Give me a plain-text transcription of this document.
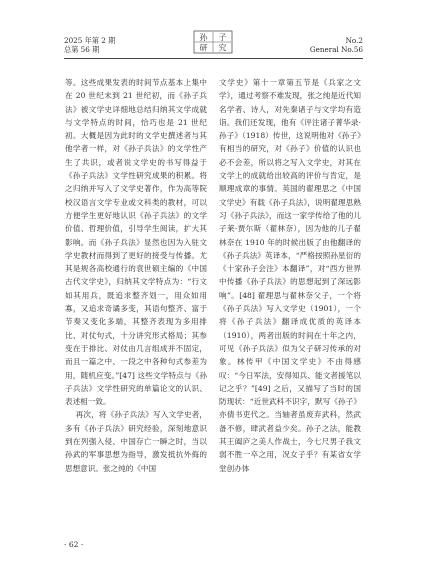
2025 年第 2 期
总第 56 期
孙 子
研 究
No.2
General No.56

等。这些成果发表的时间节点基本上集中在 20 世纪末到 21 世纪初，而《孙子兵法》被文学史详细地总结归纳其文学成就与文学特点的时间，恰巧也是 21 世纪初。大概是因为此时的文学史撰述者与其他学者一样，对《孙子兵法》的文学性产生了共识，或者说文学史的书写得益于《孙子兵法》文学性研究成果的积累。将之归纳并写入了文学史著作，作为高等院校汉语言文学专业或文科类的教材，可以方便学生更好地认识《孙子兵法》的文学价值、哲理价值，引导学生阅读，扩大其影响。而《孙子兵法》显然也因为入驻文学史教材而得到了更好的接受与传播。尤其是规各高校通行的袁世硕主编的《中国古代文学史》，归纳其文学特点为：“行文如其用兵，既追求整齐划一，用众如用寡，又追求奇谲多变，其语句整齐、富于节奏又变化多端，其整齐表现为多用排比、对仗句式，十分讲究形式格局；其参变在于排比、对仗由几言组成并不固定，而且一篇之中、一段之中各种句式参差为用，随机应变。”[47] 这些文学特点与《孙子兵法》文学性研究的单篇论文的认识、表述相一致。

再次，将《孙子兵法》写入文学史者，多有《孙子兵法》研究经验，深刻地意识到在列强入侵、中国存亡一瞬之时，当以孙武的军事思想为指导，激发抵抗外侮的思想意识。张之纯的《中国

文学史》第十一章第五节是《兵家之文学》，通过考察不难发现，张之纯是近代知名学者、诗人，对先秦诸子与文学均有造诣。我们还发现，他有《评注诸子菁华录·孙子》（1918）传世，这说明他对《孙子》有相当的研究，对《孙子》价值的认识也必不会差，所以将之写入文学史，对其在文学上的成就给出较高的评价与肯定，是顺理成章的事情。英国的翟理思之《中国文学史》有载《孙子兵法》，说明翟理思熟习《孙子兵法》，而这一家学传给了他的儿子莱·贾尔斯（翟林奈），因为他的儿子翟林奈在 1910 年的时候出版了由他翻译的《孙子兵法》英译本，“严格按照孙星衍的《十家孙子会注》本翻译”，对“西方世界中传播《孙子兵法》的思想起到了深远影响”。[48] 翟理思与翟林奈父子，一个将《孙子兵法》写入文学史（1901），一个将《孙子兵法》翻译成优质的英译本（1910），两者出版的时间在十年之内，可见《孙子兵法》似为父子研习传承的对象。林传甲《中国文学史》不由得感叹：“今日军法，安得知兵、能文者援笔以记之乎？”[49] 之后，又描写了当时的国防现状：“近世武科不识字，默写《孙子》亦倩书吏代之。当轴者虽废弃武科，然武备不修，肆武者益少矣。孙子之法，能教其王阖庐之美人作战士，今七尺男子我文弱不胜一卒之用，况女子乎？有某省女学堂创办体

· 62 ·
